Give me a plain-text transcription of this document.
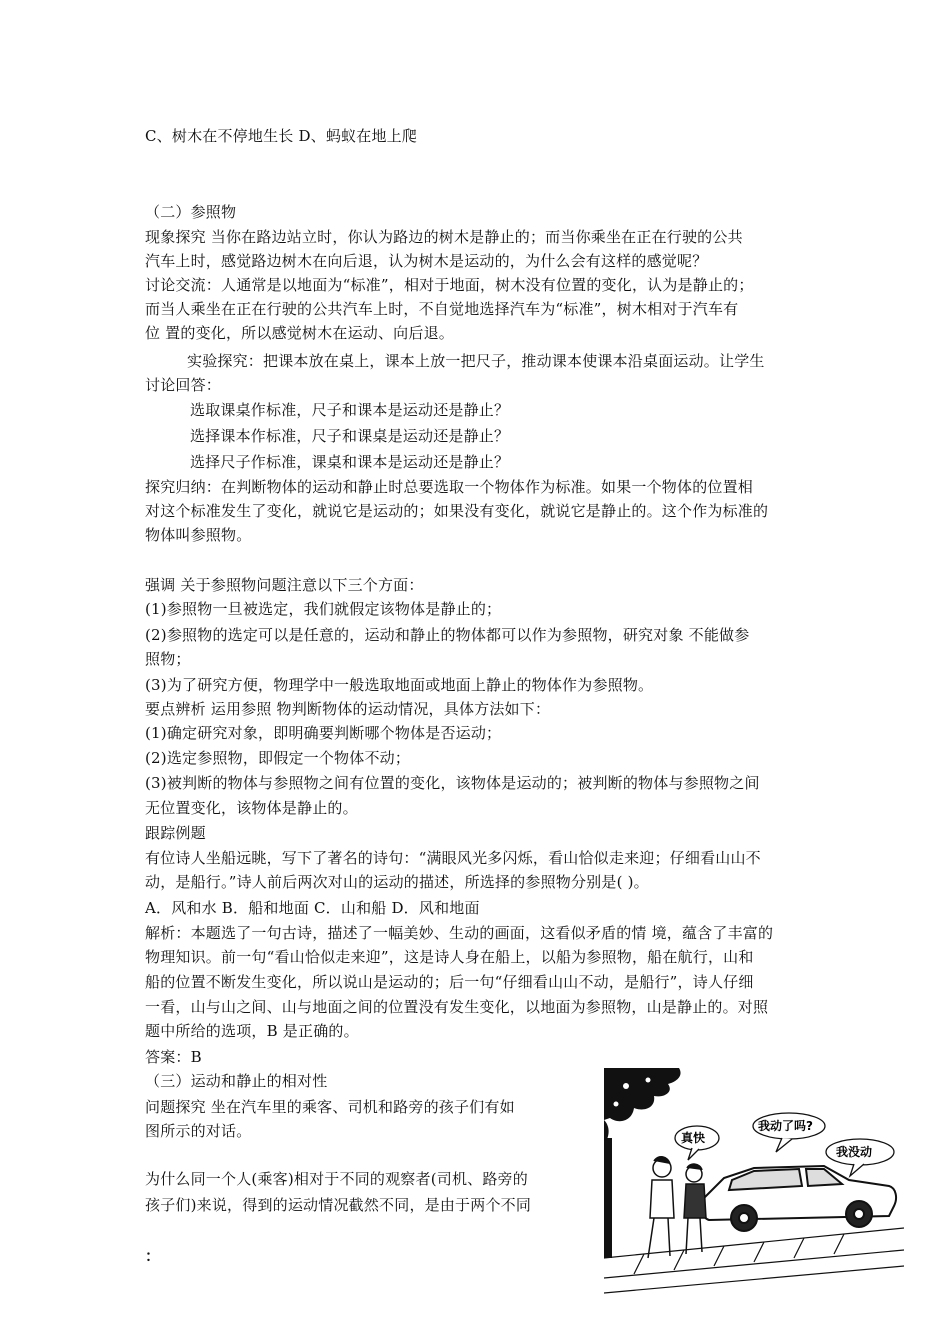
C、树木在不停地生长 D、蚂蚁在地上爬
（二）参照物
现象探究 当你在路边站立时，你认为路边的树木是静止的；而当你乘坐在正在行驶的公共
汽车上时，感觉路边树木在向后退，认为树木是运动的，为什么会有这样的感觉呢？
讨论交流：人通常是以地面为“标准”，相对于地面，树木没有位置的变化，认为是静止的；
而当人乘坐在正在行驶的公共汽车上时，不自觉地选择汽车为“标准”，树木相对于汽车有
位 置的变化，所以感觉树木在运动、向后退。
实验探究：把课本放在桌上，课本上放一把尺子，推动课本使课本沿桌面运动。让学生
讨论回答：
选取课桌作标准，尺子和课本是运动还是静止？
选择课本作标准，尺子和课桌是运动还是静止？
选择尺子作标准，课桌和课本是运动还是静止？
探究归纳：在判断物体的运动和静止时总要选取一个物体作为标准。如果一个物体的位置相
对这个标准发生了变化，就说它是运动的；如果没有变化，就说它是静止的。这个作为标准的
物体叫参照物。
强调 关于参照物问题注意以下三个方面：
(1)参照物一旦被选定，我们就假定该物体是静止的；
(2)参照物的选定可以是任意的，运动和静止的物体都可以作为参照物，研究对象 不能做参
照物；
(3)为了研究方便，物理学中一般选取地面或地面上静止的物体作为参照物。
要点辨析 运用参照 物判断物体的运动情况，具体方法如下：
(1)确定研究对象，即明确要判断哪个物体是否运动；
(2)选定参照物，即假定一个物体不动；
(3)被判断的物体与参照物之间有位置的变化，该物体是运动的；被判断的物体与参照物之间
无位置变化，该物体是静止的。
跟踪例题
有位诗人坐船远眺，写下了著名的诗句：“满眼风光多闪烁，看山恰似走来迎；仔细看山山不
动，是船行。”诗人前后两次对山的运动的描述，所选择的参照物分别是( )。
A．风和水 B．船和地面 C．山和船 D．风和地面
解析：本题选了一句古诗，描述了一幅美妙、生动的画面，这看似矛盾的情 境，蕴含了丰富的
物理知识。前一句“看山恰似走来迎”，这是诗人身在船上，以船为参照物，船在航行，山和
船的位置不断发生变化，所以说山是运动的；后一句“仔细看山山不动，是船行”，诗人仔细
一看，山与山之间、山与地面之间的位置没有发生变化，以地面为参照物，山是静止的。对照
题中所给的选项，B 是正确的。
答案：B
（三）运动和静止的相对性
问题探究 坐在汽车里的乘客、司机和路旁的孩子们有如
图所示的对话。
为什么同一个人(乘客)相对于不同的观察者(司机、路旁的
孩子们)来说，得到的运动情况截然不同，是由于两个不同
：
真快
我动了吗?
我没动
